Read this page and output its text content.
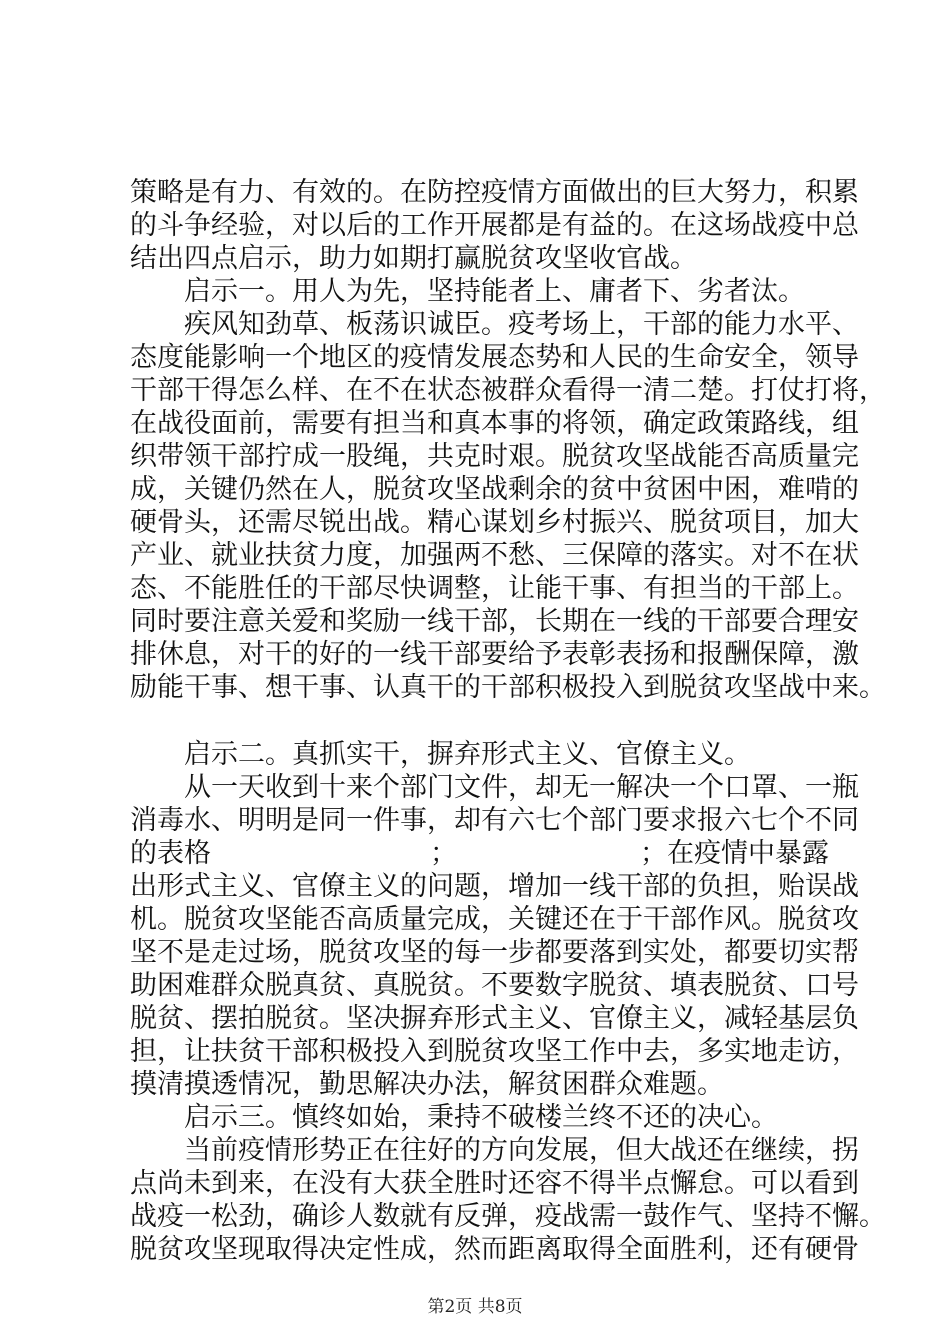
策略是有力、有效的。在防控疫情方面做出的巨大努力，积累
的斗争经验，对以后的工作开展都是有益的。在这场战疫中总
结出四点启示，助力如期打赢脱贫攻坚收官战。
　　启示一。用人为先，坚持能者上、庸者下、劣者汰。
　　疾风知劲草、板荡识诚臣。疫考场上，干部的能力水平、
态度能影响一个地区的疫情发展态势和人民的生命安全，领导
干部干得怎么样、在不在状态被群众看得一清二楚。打仗打将，
在战役面前，需要有担当和真本事的将领，确定政策路线，组
织带领干部拧成一股绳，共克时艰。脱贫攻坚战能否高质量完
成，关键仍然在人，脱贫攻坚战剩余的贫中贫困中困，难啃的
硬骨头，还需尽锐出战。精心谋划乡村振兴、脱贫项目，加大
产业、就业扶贫力度，加强两不愁、三保障的落实。对不在状
态、不能胜任的干部尽快调整，让能干事、有担当的干部上。
同时要注意关爱和奖励一线干部，长期在一线的干部要合理安
排休息，对干的好的一线干部要给予表彰表扬和报酬保障，激
励能干事、想干事、认真干的干部积极投入到脱贫攻坚战中来。
　　启示二。真抓实干，摒弃形式主义、官僚主义。
　　从一天收到十来个部门文件，却无一解决一个口罩、一瓶
消毒水、明明是同一件事，却有六七个部门要求报六七个不同
的表格	；	；在疫情中暴露
出形式主义、官僚主义的问题，增加一线干部的负担，贻误战
机。脱贫攻坚能否高质量完成，关键还在于干部作风。脱贫攻
坚不是走过场，脱贫攻坚的每一步都要落到实处，都要切实帮
助困难群众脱真贫、真脱贫。不要数字脱贫、填表脱贫、口号
脱贫、摆拍脱贫。坚决摒弃形式主义、官僚主义，减轻基层负
担，让扶贫干部积极投入到脱贫攻坚工作中去，多实地走访，
摸清摸透情况，勤思解决办法，解贫困群众难题。
　　启示三。慎终如始，秉持不破楼兰终不还的决心。
　　当前疫情形势正在往好的方向发展，但大战还在继续，拐
点尚未到来，在没有大获全胜时还容不得半点懈怠。可以看到
战疫一松劲，确诊人数就有反弹，疫战需一鼓作气、坚持不懈。
脱贫攻坚现取得决定性成，然而距离取得全面胜利，还有硬骨
第2页 共8页
